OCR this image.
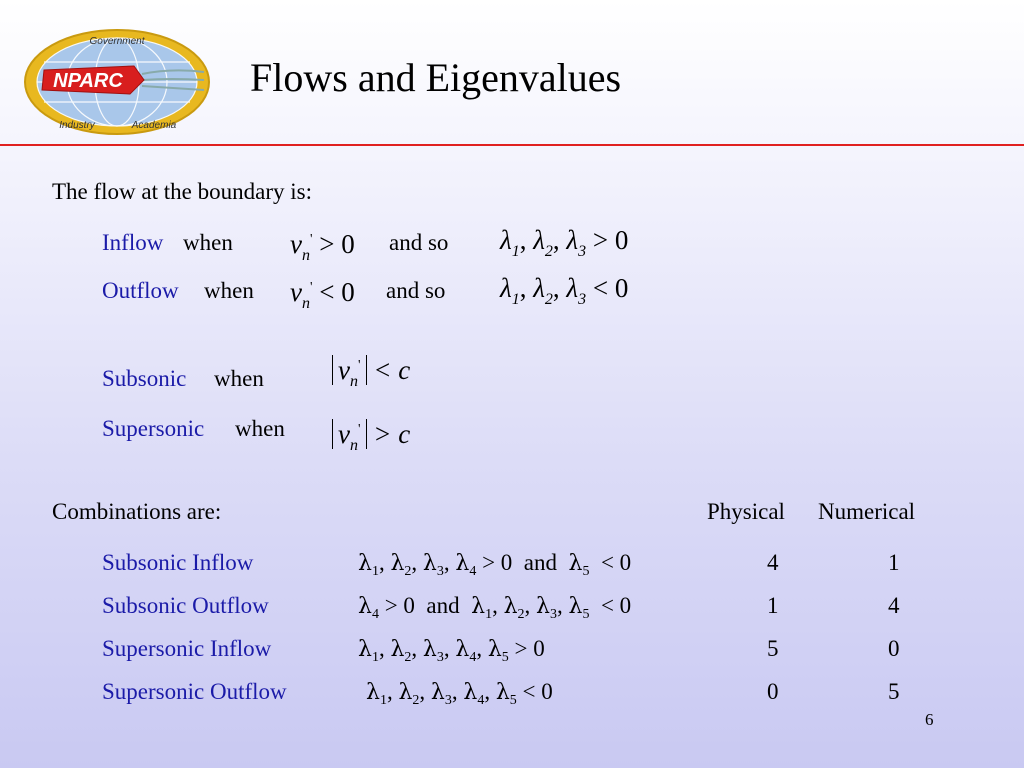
NPARC
Government
Industry	Academia
Flows and Eigenvalues
The flow at the boundary is:
Inflow when $v_n' > 0$ and so $\lambda_1$, $\lambda_2$, $\lambda_3 > 0$
Outflow when $v_n' < 0$ and so $\lambda_1$, $\lambda_2$, $\lambda_3 < 0$
Subsonic when	$v_n' < c$
Supersonic when $v_n' > c$
Combinations are:	Physical Numerical
Subsonic Inflow	$\lambda_1$, $\lambda_2$, $\lambda_3$, $\lambda_4 > 0$  and  $\lambda_5 < 0$	4	1
Subsonic Outflow	$\lambda_4 > 0$  and  $\lambda_1$, $\lambda_2$, $\lambda_3$, $\lambda_5 < 0$	1	4
Supersonic Inflow	$\lambda_1$, $\lambda_2$, $\lambda_3$, $\lambda_4$, $\lambda_5 > 0$	5	0
Supersonic Outflow	$\lambda_1$, $\lambda_2$, $\lambda_3$, $\lambda_4$, $\lambda_5 < 0$	0	5
6
